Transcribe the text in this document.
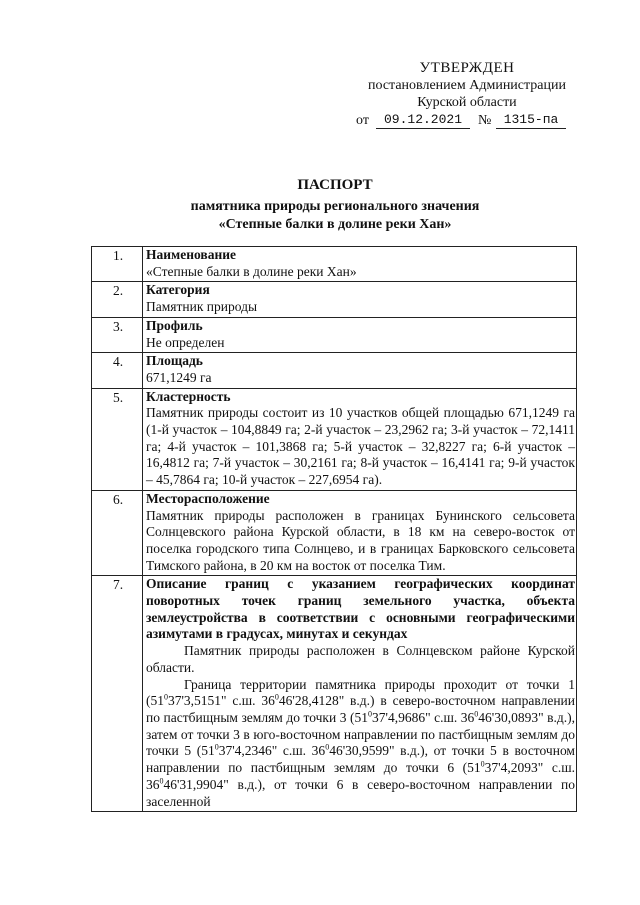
УТВЕРЖДЕН
постановлением Администрации
Курской области
от	09.12.2021	№ 1315-па
ПАСПОРТ
памятника природы регионального значения
«Степные балки в долине реки Хан»
1.	Наименование
«Степные балки в долине реки Хан»

2.	Категория
Памятник природы

3.	Профиль
Не определен

4.	Площадь
671,1249 га

5.	Кластерность
Памятник природы состоит из 10 участков общей площадью 671,1249 га (1-й участок – 104,8849 га; 2-й участок – 23,2962 га; 3-й участок – 72,1411 га; 4-й участок – 101,3868 га; 5-й участок – 32,8227 га; 6-й участок – 16,4812 га; 7-й участок – 30,2161 га; 8-й участок – 16,4141 га; 9-й участок – 45,7864 га; 10-й участок – 227,6954 га).

6.	Месторасположение
Памятник природы расположен в границах Бунинского сельсовета Солнцевского района Курской области, в 18 км на северо-восток от поселка городского типа Солнцево, и в границах Барковского сельсовета Тимского района, в 20 км на восток от поселка Тим.

7.	Описание границ с указанием географических координат поворотных точек границ земельного участка, объекта землеустройства в соответствии с основными географическими азимутами в градусах, минутах и секундах
Памятник природы расположен в Солнцевском районе Курской области.
Граница территории памятника природы проходит от точки 1 ($51^037'3,5151$" с.ш. $36^046'28,4128$" в.д.) в северо-восточном направлении по пастбищным землям до точки 3 ($51^037'4,9686$" с.ш. $36^046'30,0893$" в.д.), затем от точки 3 в юго-восточном направлении по пастбищным землям до точки 5 ($51^037'4,2346$" с.ш. $36^046'30,9599$" в.д.), от точки 5 в восточном направлении по пастбищным землям до точки 6 ($51^037'4,2093$" с.ш. $36^046'31,9904$" в.д.), от точки 6 в северо-восточном направлении по заселенной
